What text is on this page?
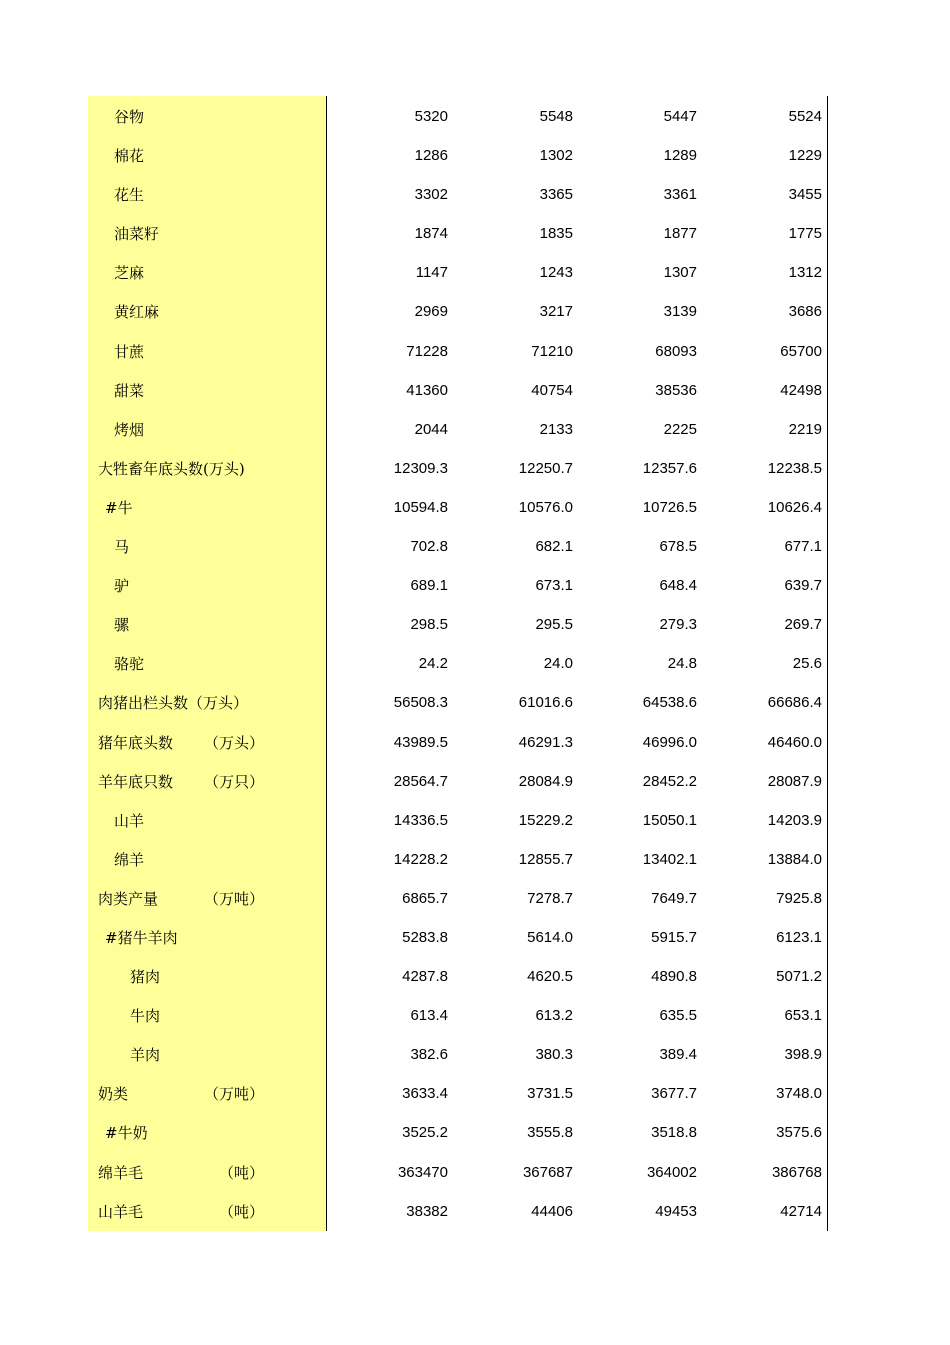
谷物	5320	5548	5447	5524
棉花	1286	1302	1289	1229
花生	3302	3365	3361	3455
油菜籽	1874	1835	1877	1775
芝麻	1147	1243	1307	1312
黄红麻	2969	3217	3139	3686
甘蔗	71228	71210	68093	65700
甜菜	41360	40754	38536	42498
烤烟	2044	2133	2225	2219
大牲畜年底头数(万头)	12309.3	12250.7	12357.6	12238.5
#牛	10594.8	10576.0	10726.5	10626.4
马	702.8	682.1	678.5	677.1
驴	689.1	673.1	648.4	639.7
骡	298.5	295.5	279.3	269.7
骆驼	24.2	24.0	24.8	25.6
肉猪出栏头数（万头）	56508.3	61016.6	64538.6	66686.4
猪年底头数 （万头）	43989.5	46291.3	46996.0	46460.0
羊年底只数 （万只）	28564.7	28084.9	28452.2	28087.9
山羊	14336.5	15229.2	15050.1	14203.9
绵羊	14228.2	12855.7	13402.1	13884.0
肉类产量	（万吨）	6865.7	7278.7	7649.7	7925.8
#猪牛羊肉	5283.8	5614.0	5915.7	6123.1
猪肉	4287.8	4620.5	4890.8	5071.2
牛肉	613.4	613.2	635.5	653.1
羊肉	382.6	380.3	389.4	398.9
奶类	（万吨）	3633.4	3731.5	3677.7	3748.0
#牛奶	3525.2	3555.8	3518.8	3575.6
绵羊毛	（吨）	363470	367687	364002	386768
山羊毛	（吨）	38382	44406	49453	42714
